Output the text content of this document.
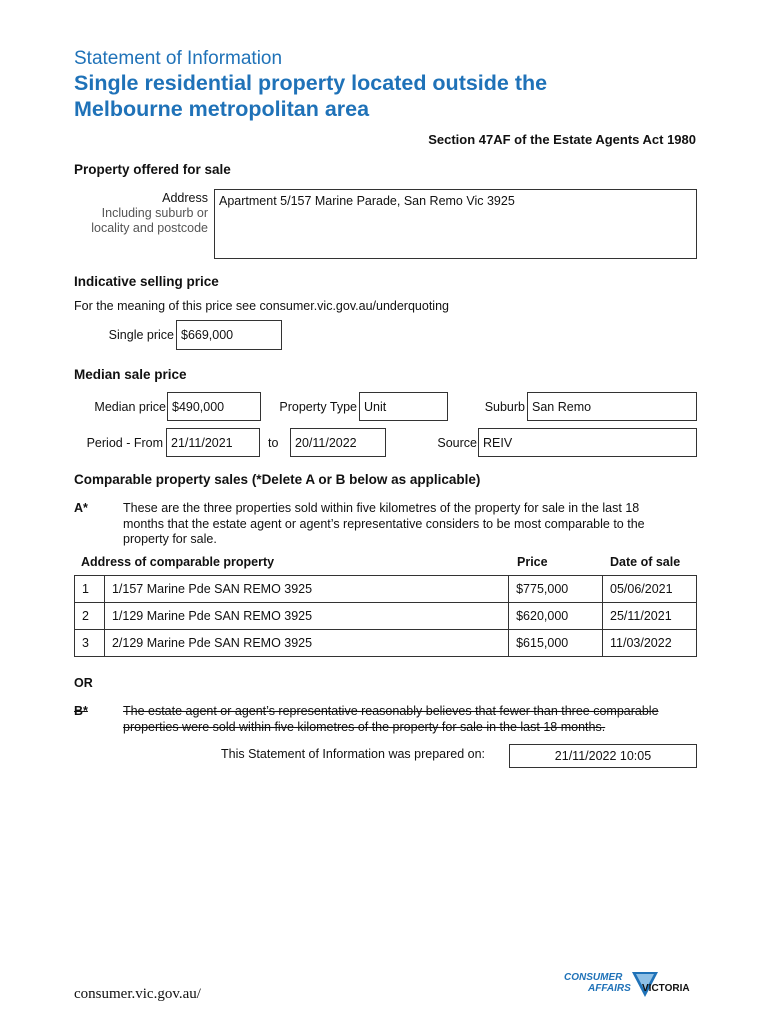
Statement of Information
Single residential property located outside the
Melbourne metropolitan area
Section 47AF of the Estate Agents Act 1980
Property offered for sale
Address
Including suburb or
locality and postcode
Apartment 5/157 Marine Parade, San Remo Vic 3925
Indicative selling price
For the meaning of this price see consumer.vic.gov.au/underquoting
Single price $669,000
Median sale price
Median price $490,000	Property Type Unit	Suburb San Remo
Period - From 21/11/2021	to	20/11/2022	Source REIV
Comparable property sales (*Delete A or B below as applicable)
A*	These are the three properties sold within five kilometres of the property for sale in the last 18
months that the estate agent or agent’s representative considers to be most comparable to the
property for sale.
Address of comparable property	Price	Date of sale
1	1/157 Marine Pde SAN REMO 3925	$775,000	05/06/2021
2	1/129 Marine Pde SAN REMO 3925	$620,000	25/11/2021
3	2/129 Marine Pde SAN REMO 3925	$615,000	11/03/2022
OR
B*	The estate agent or agent’s representative reasonably believes that fewer than three comparable
properties were sold within five kilometres of the property for sale in the last 18 months.
This Statement of Information was prepared on:	21/11/2022 10:05
consumer.vic.gov.au/
CONSUMER
AFFAIRS VICTORIA
